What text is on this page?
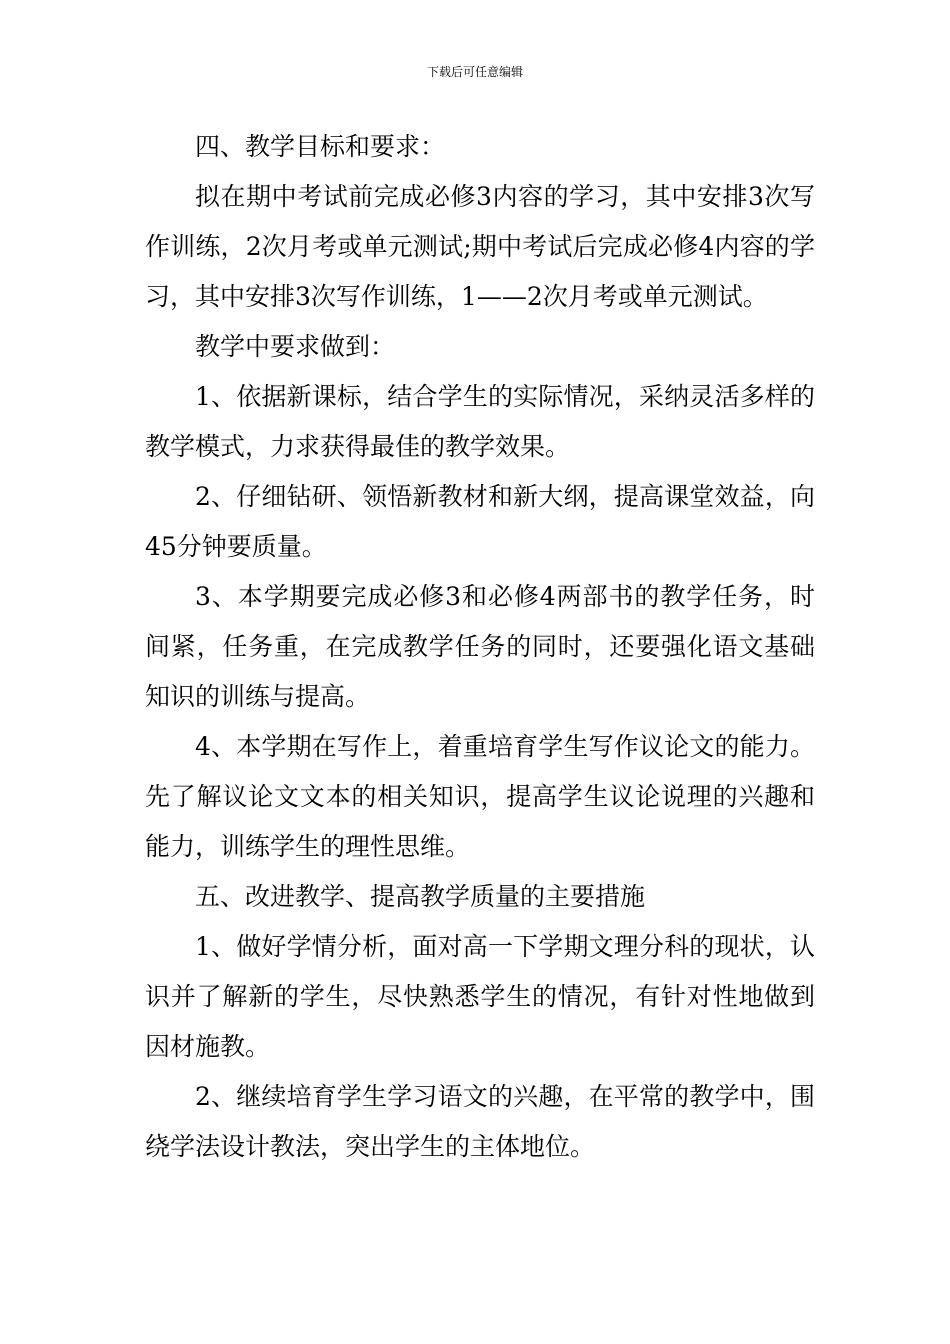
下载后可任意编辑

四、教学目标和要求：

拟在期中考试前完成必修3内容的学习，其中安排3次写作训练，2次月考或单元测试;期中考试后完成必修4内容的学习，其中安排3次写作训练，1——2次月考或单元测试。

教学中要求做到：

1、依据新课标，结合学生的实际情况，采纳灵活多样的教学模式，力求获得最佳的教学效果。

2、仔细钻研、领悟新教材和新大纲，提高课堂效益，向45分钟要质量。

3、本学期要完成必修3和必修4两部书的教学任务，时间紧，任务重，在完成教学任务的同时，还要强化语文基础知识的训练与提高。

4、本学期在写作上，着重培育学生写作议论文的能力。先了解议论文文本的相关知识，提高学生议论说理的兴趣和能力，训练学生的理性思维。

五、改进教学、提高教学质量的主要措施

1、做好学情分析，面对高一下学期文理分科的现状，认识并了解新的学生，尽快熟悉学生的情况，有针对性地做到因材施教。

2、继续培育学生学习语文的兴趣，在平常的教学中，围绕学法设计教法，突出学生的主体地位。
